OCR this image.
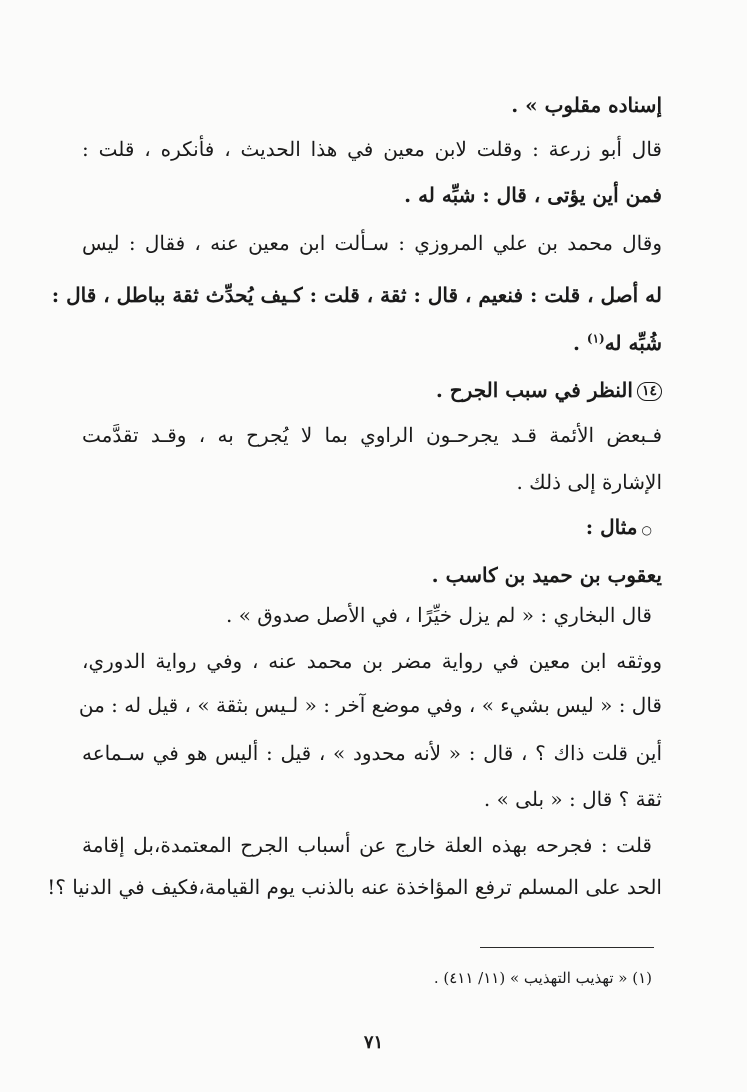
إسناده مقلوب » .
قال أبو زرعة : وقلت لابن معين في هذا الحديث ، فأنكره ، قلت :
فمن أين يؤتى ، قال : شبِّه له .
وقال محمد بن علي المروزي : سـألت ابن معين عنه ، فقال : ليس
له أصل ، قلت : فنعيم ، قال : ثقة ، قلت : كـيف يُحدِّث ثقة بباطل ، قال :
شُبِّه له$^{(١)}$ .
١٤النظر في سبب الجرح .
فـبعض الأئمة قـد يجرحـون الراوي بما لا يُجرح به ، وقـد تقدَّمت
الإشارة إلى ذلك .
○مثال :
يعقوب بن حميد بن كاسب .
قال البخاري : « لم يزل خيِّرًا ، في الأصل صدوق » .
ووثقه ابن معين في رواية مضر بن محمد عنه ، وفي رواية الدوري،
قال : « ليس بشيء » ، وفي موضع آخر : « لـيس بثقة » ، قيل له : من
أين قلت ذاك ؟ ، قال : « لأنه محدود » ، قيل : أليس هو في سـماعه
ثقة ؟ قال : « بلى » .
قلت : فجرحه بهذه العلة خارج عن أسباب الجرح المعتمدة،بل إقامة
الحد على المسلم ترفع المؤاخذة عنه بالذنب يوم القيامة،فكيف في الدنيا ؟!
(١) « تهذيب التهذيب » (١١/ ٤١١) .
٧١
